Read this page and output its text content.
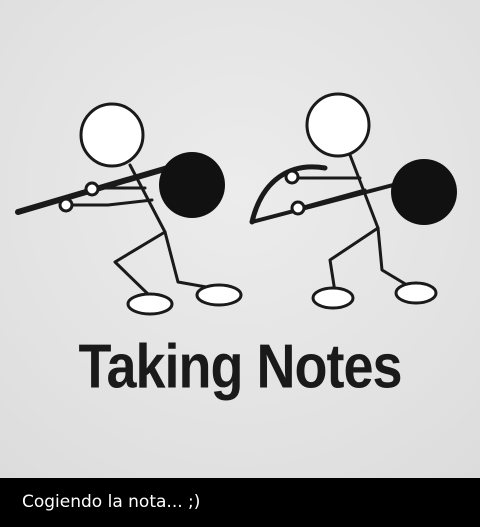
Taking Notes
Cogiendo la nota... ;)
